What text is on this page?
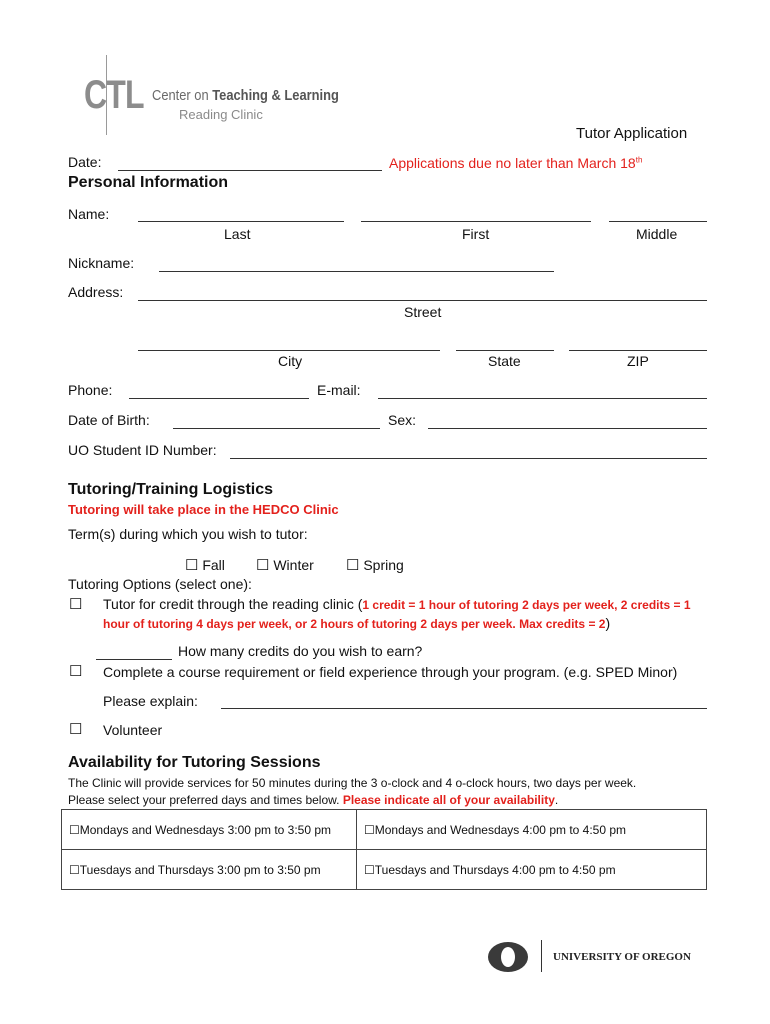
CTL Center on Teaching & Learning
Reading Clinic
Tutor Application
Date:	Applications due no later than March 18th
Personal Information
Name:
Last	First	Middle
Nickname:
Address:
Street
City	State	ZIP
Phone:	E-mail:
Date of Birth:	Sex:
UO Student ID Number:
Tutoring/Training Logistics
Tutoring will take place in the HEDCO Clinic
Term(s) during which you wish to tutor:
☐ Fall ☐ Winter ☐ Spring
Tutoring Options (select one):
☐ Tutor for credit through the reading clinic (1 credit = 1 hour of tutoring 2 days per week, 2 credits = 1
hour of tutoring 4 days per week, or 2 hours of tutoring 2 days per week. Max credits = 2)
How many credits do you wish to earn?
☐ Complete a course requirement or field experience through your program. (e.g. SPED Minor)
Please explain:
☐ Volunteer
Availability for Tutoring Sessions
The Clinic will provide services for 50 minutes during the 3 o-clock and 4 o-clock hours, two days per week.
Please select your preferred days and times below. Please indicate all of your availability.
☐Mondays and Wednesdays 3:00 pm to 3:50 pm	☐Mondays and Wednesdays 4:00 pm to 4:50 pm
☐Tuesdays and Thursdays 3:00 pm to 3:50 pm	☐Tuesdays and Thursdays 4:00 pm to 4:50 pm
UNIVERSITY OF OREGON
